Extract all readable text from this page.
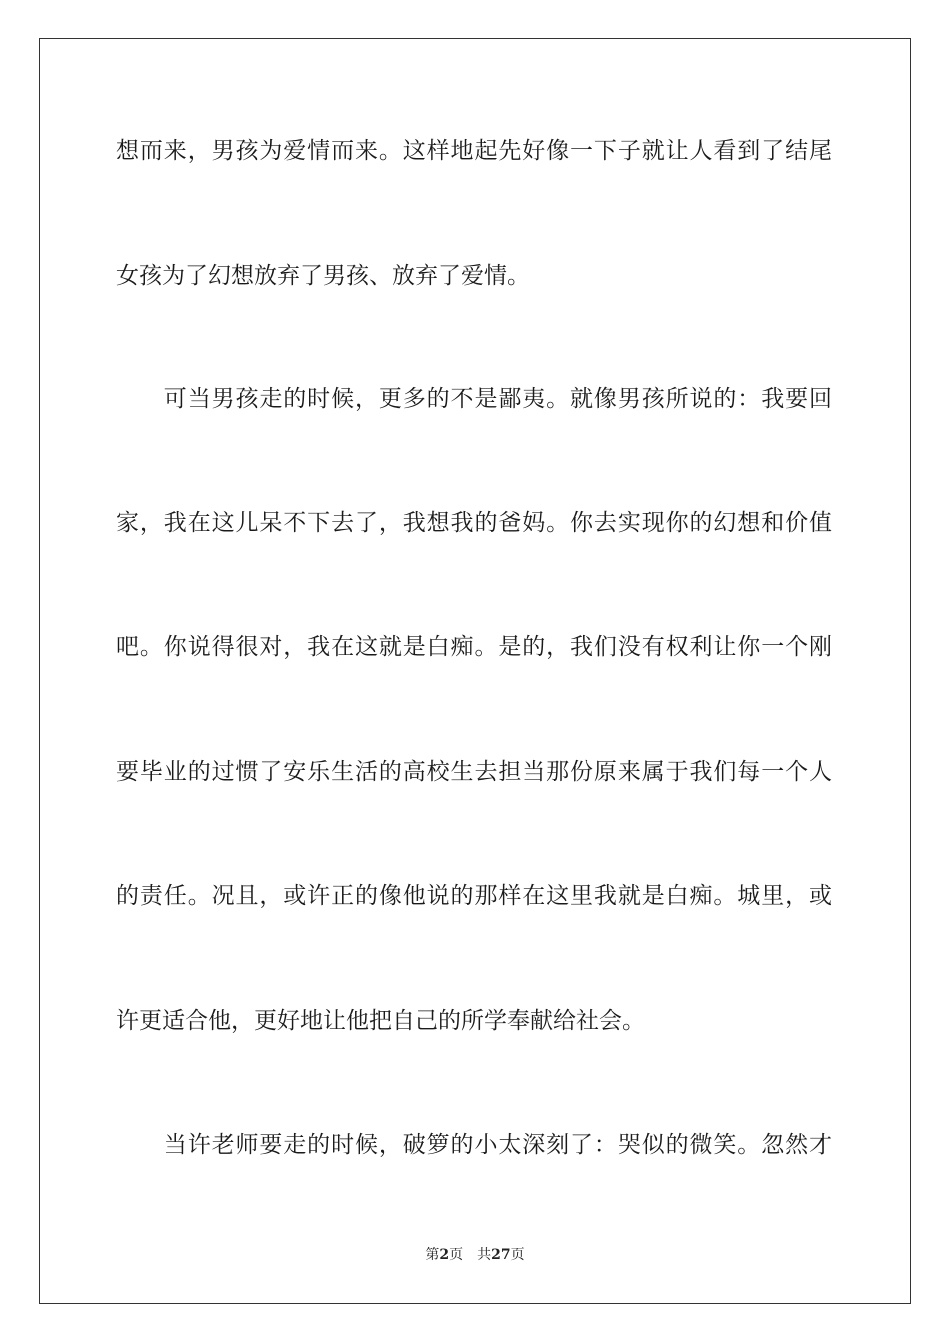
想而来，男孩为爱情而来。这样地起先好像一下子就让人看到了结尾
女孩为了幻想放弃了男孩、放弃了爱情。
　　可当男孩走的时候，更多的不是鄙夷。就像男孩所说的：我要回
家，我在这儿呆不下去了，我想我的爸妈。你去实现你的幻想和价值
吧。你说得很对，我在这就是白痴。是的，我们没有权利让你一个刚
要毕业的过惯了安乐生活的高校生去担当那份原来属于我们每一个人
的责任。况且，或许正的像他说的那样在这里我就是白痴。城里，或
许更适合他，更好地让他把自己的所学奉献给社会。
　　当许老师要走的时候，破箩的小太深刻了：哭似的微笑。忽然才
第2页 共27页
